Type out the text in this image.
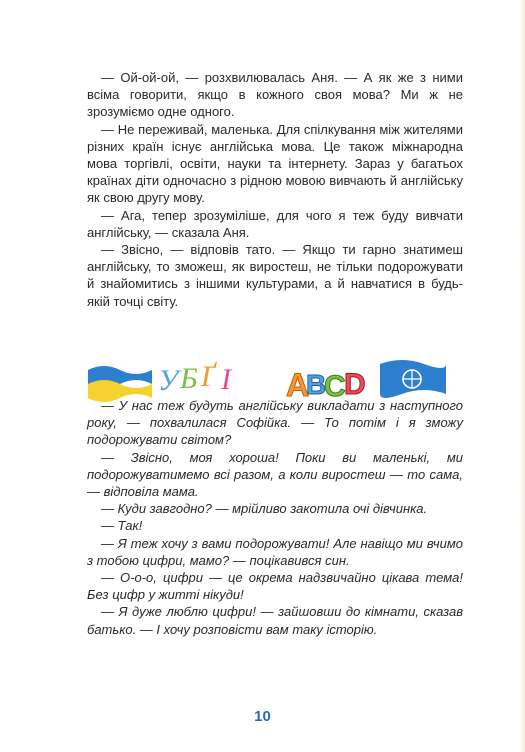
— Ой-ой-ой, — розхвилювалась Аня. — А як же з ними всіма говорити, якщо в кожного своя мова? Ми ж не зрозуміємо одне одного.

— Не переживай, маленька. Для спілкування між жителями різних країн існує англійська мова. Це також міжнародна мова торгівлі, освіти, науки та інтернету. Зараз у багатьох країнах діти одночасно з рідною мовою вивчають й англійську як свою другу мову.

— Ага, тепер зрозуміліше, для чого я теж буду вивчати англійську, — сказала Аня.

— Звісно, — відповів тато. — Якщо ти гарно знатимеш англійську, то зможеш, як виростеш, не тільки подорожувати й знайомитись з іншими культурами, а й навчатися в будь-якій точці світу.

У Б Ґ І A
B
C
D

— У нас теж будуть англійську викладати з наступного року, — похвалилася Софійка. — То потім і я зможу подорожувати світом?

— Звісно, моя хороша! Поки ви маленькі, ми подорожуватимемо всі разом, а коли виростеш — то сама, — відповіла мама.

— Куди завгодно? — мрійливо закотила очі дівчинка.

— Так!

— Я теж хочу з вами подорожувати! Але навіщо ми вчимо з тобою цифри, мамо? — поцікавився син.

— О-о-о, цифри — це окрема надзвичайно цікава тема! Без цифр у житті нікуди!

— Я дуже люблю цифри! — зайшовши до кімнати, сказав батько. — І хочу розповісти вам таку історію.

10
